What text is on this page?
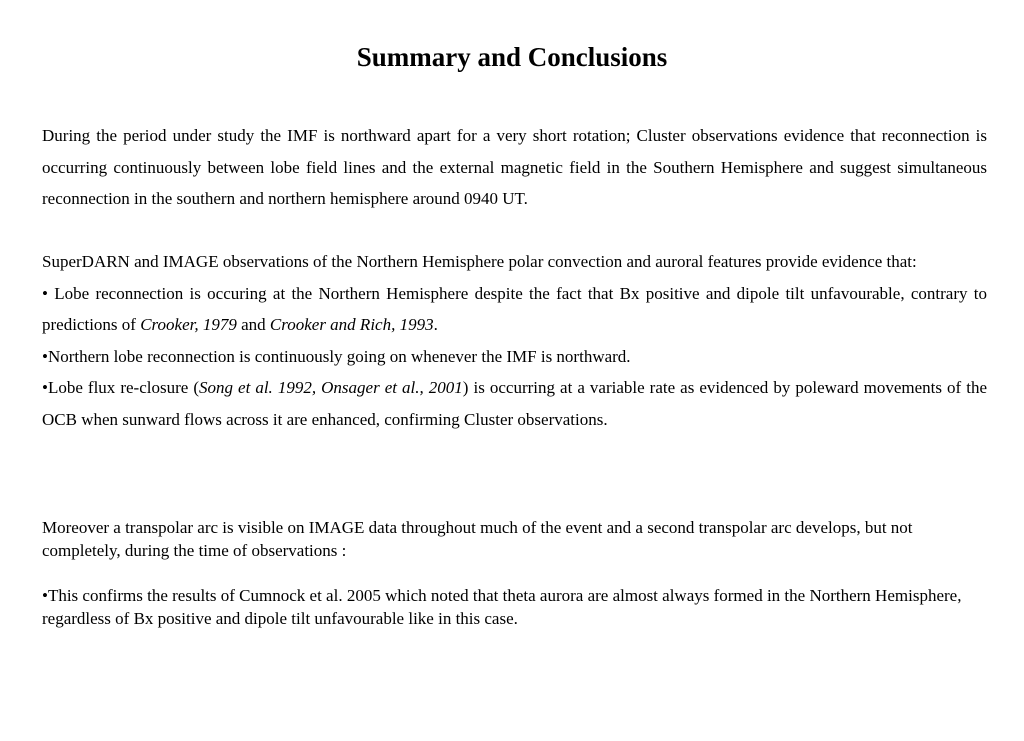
Summary and Conclusions

During the period under study the IMF is northward apart for a very short rotation; Cluster observations evidence that reconnection is occurring continuously between lobe field lines and the external magnetic field in the Southern Hemisphere and suggest simultaneous reconnection in the southern and northern hemisphere around 0940 UT.

SuperDARN and IMAGE observations of the Northern Hemisphere polar convection and auroral features provide evidence that:

• Lobe reconnection is occuring at the Northern Hemisphere despite the fact that Bx positive and dipole tilt unfavourable, contrary to predictions of Crooker, 1979 and Crooker and Rich, 1993.

•Northern lobe reconnection is continuously going on whenever the IMF is northward.

•Lobe flux re-closure (Song et al. 1992, Onsager et al., 2001) is occurring at a variable rate as evidenced by poleward movements of the OCB when sunward flows across it are enhanced, confirming Cluster observations.

Moreover a transpolar arc is visible on IMAGE data throughout much of the event and a second transpolar arc develops, but not completely, during the time of observations :

•This confirms the results of Cumnock et al. 2005 which noted that theta aurora are almost always formed in the Northern Hemisphere, regardless of Bx positive and dipole tilt unfavourable like in this case.
